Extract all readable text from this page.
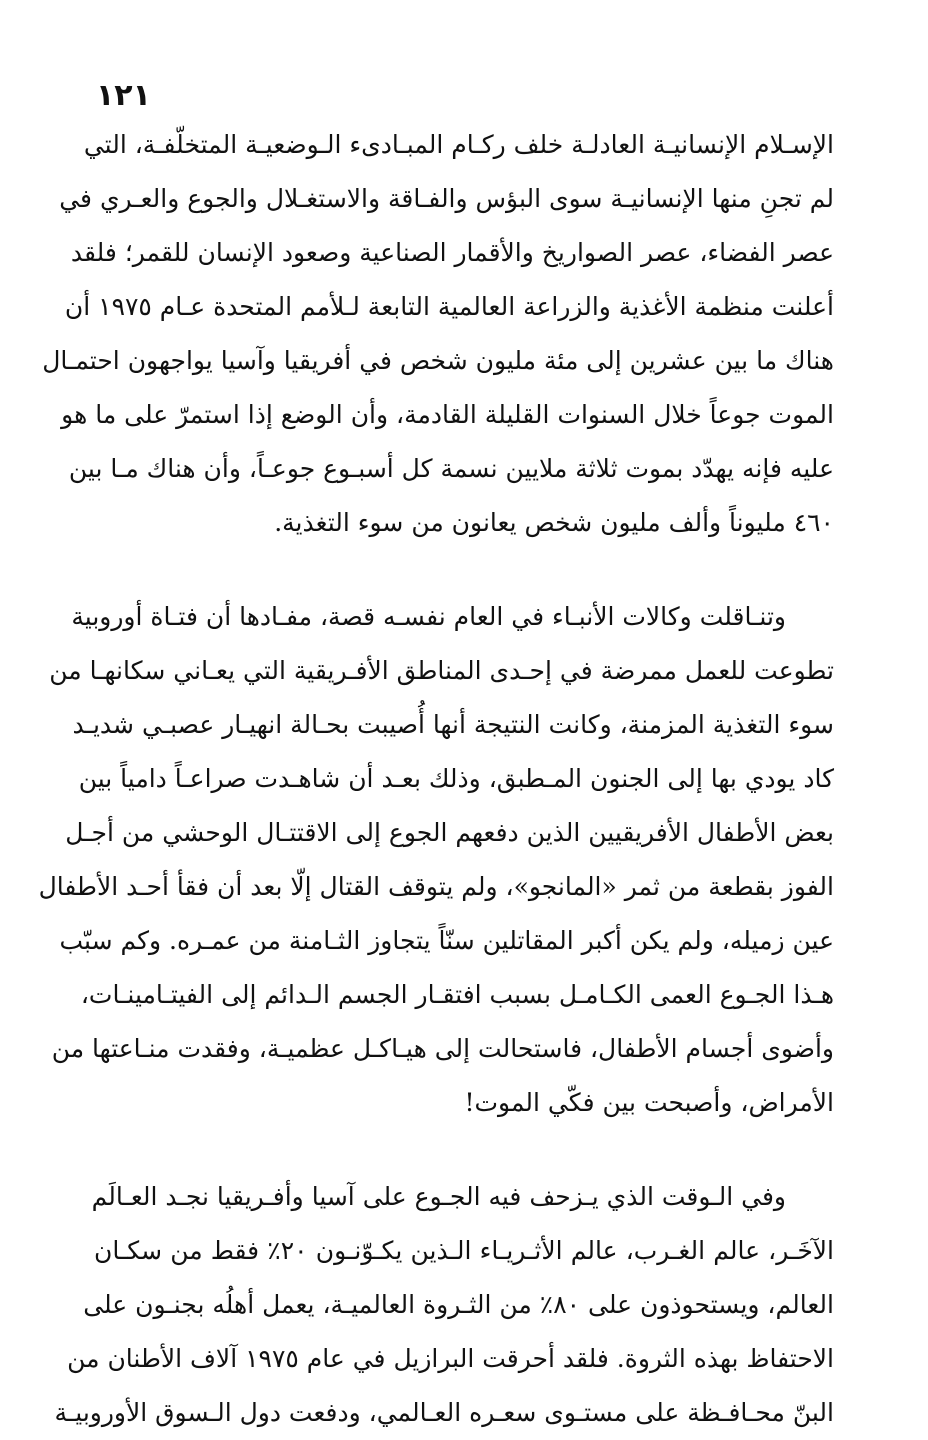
١٢١
الإسـلام الإنسانيـة العادلـة خلف ركـام المبـادىء الـوضعيـة المتخلّفـة، التي
لم تجنِ منها الإنسانيـة سوى البؤس والفـاقة والاستغـلال والجوع والعـري في
عصر الفضاء، عصر الصواريخ والأقمار الصناعية وصعود الإنسان للقمر؛ فلقد
أعلنت منظمة الأغذية والزراعة العالمية التابعة لـلأمم المتحدة عـام ١٩٧٥ أن
هناك ما بين عشرين إلى مئة مليون شخص في أفريقيا وآسيا يواجهون احتمـال
الموت جوعاً خلال السنوات القليلة القادمة، وأن الوضع إذا استمرّ على ما هو
عليه فإنه يهدّد بموت ثلاثة ملايين نسمة كل أسبـوع جوعـاً، وأن هناك مـا بين
٤٦٠ مليوناً وألف مليون شخص يعانون من سوء التغذية.
وتنـاقلت وكالات الأنبـاء في العام نفسـه قصة، مفـادها أن فتـاة أوروبية
تطوعت للعمل ممرضة في إحـدى المناطق الأفـريقية التي يعـاني سكانهـا من
سوء التغذية المزمنة، وكانت النتيجة أنها أُصيبت بحـالة انهيـار عصبـي شديـد
كاد يودي بها إلى الجنون المـطبق، وذلك بعـد أن شاهـدت صراعـاً دامياً بين
بعض الأطفال الأفريقيين الذين دفعهم الجوع إلى الاقتتـال الوحشي من أجـل
الفوز بقطعة من ثمر «المانجو»، ولم يتوقف القتال إلّا بعد أن فقأ أحـد الأطفال
عين زميله، ولم يكن أكبر المقاتلين سنّاً يتجاوز الثـامنة من عمـره. وكم سبّب
هـذا الجـوع العمى الكـامـل بسبب افتقـار الجسم الـدائم إلى الفيتـامينـات،
وأضوى أجسام الأطفال، فاستحالت إلى هيـاكـل عظميـة، وفقدت منـاعتها من
الأمراض، وأصبحت بين فكّي الموت!
وفي الـوقت الذي يـزحف فيه الجـوع على آسيا وأفـريقيا نجـد العـالَم
الآخَـر، عالم الغـرب، عالم الأثـريـاء الـذين يكـوّنـون ٢٠٪ فقط من سكـان
العالم، ويستحوذون على ٨٠٪ من الثـروة العالميـة، يعمل أهلُه بجنـون على
الاحتفاظ بهذه الثروة. فلقد أحرقت البرازيل في عام ١٩٧٥ آلاف الأطنان من
البنّ محـافـظة على مستـوى سعـره العـالمي، ودفعت دول الـسوق الأوروبيـة
